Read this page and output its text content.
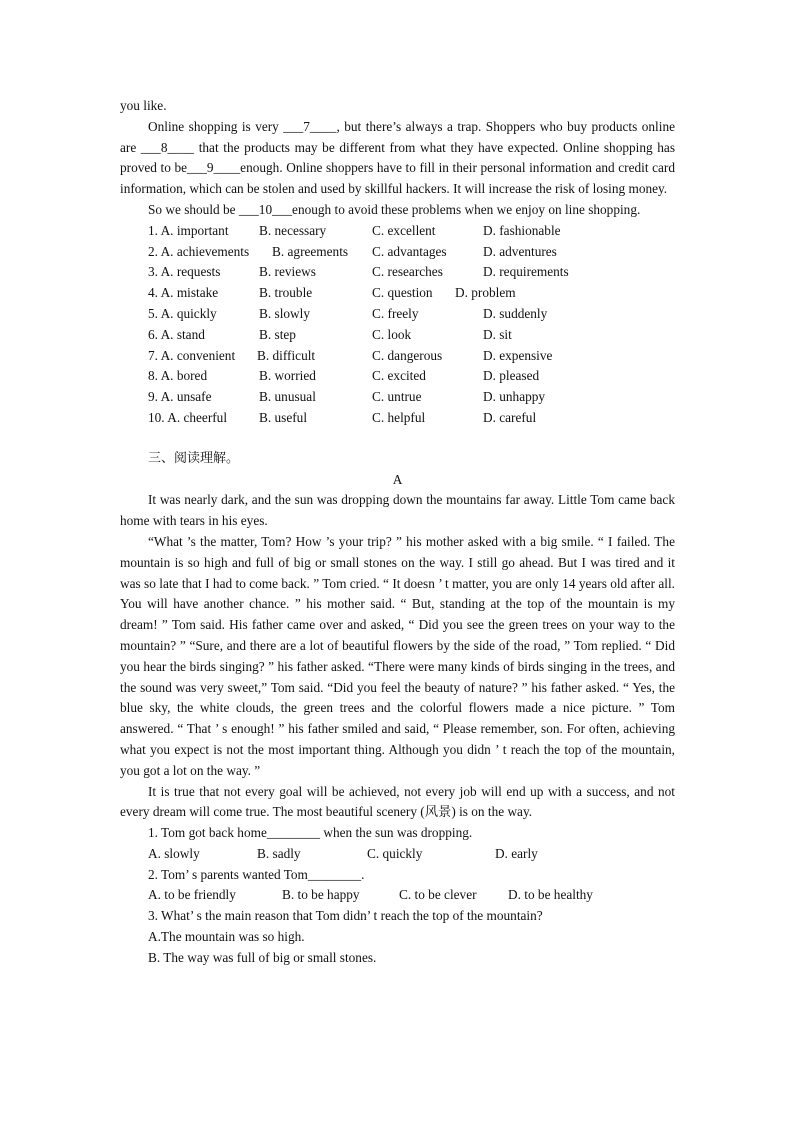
you like.

Online shopping is very ___7____, but there’s always a trap. Shoppers who buy products online are ___8____ that the products may be different from what they have expected. Online shopping has proved to be___9____enough. Online shoppers have to fill in their personal information and credit card information, which can be stolen and used by skillful hackers. It will increase the risk of losing money.

So we should be ___10___enough to avoid these problems when we enjoy on line shopping.

1. A. important B. necessary	C. excellent	D. fashionable
2. A. achievements B. agreements C. advantages	D. adventures
3. A. requests	B. reviews	C. researches	D. requirements
4. A. mistake	B. trouble	C. question D. problem
5. A. quickly	B. slowly	C. freely	D. suddenly
6. A. stand	B. step	C. look	D. sit
7. A. convenient B. difficult	C. dangerous	D. expensive
8. A. bored	B. worried	C. excited	D. pleased
9. A. unsafe	B. unusual	C. untrue	D. unhappy
10. A. cheerful B. useful	C. helpful	D. careful
三、阅读理解。
A

It was nearly dark, and the sun was dropping down the mountains far away. Little Tom came back home with tears in his eyes.

“What ’s the matter, Tom? How ’s your trip? ” his mother asked with a big smile. “ I failed. The mountain is so high and full of big or small stones on the way. I still go ahead. But I was tired and it was so late that I had to come back. ” Tom cried. “ It doesn ’ t matter, you are only 14 years old after all. You will have another chance. ” his mother said. “ But, standing at the top of the mountain is my dream! ” Tom said. His father came over and asked, “ Did you see the green trees on your way to the mountain? ” “Sure, and there are a lot of beautiful flowers by the side of the road, ” Tom replied. “ Did you hear the birds singing? ” his father asked. “There were many kinds of birds singing in the trees, and the sound was very sweet,” Tom said. “Did you feel the beauty of nature? ” his father asked. “ Yes, the blue sky, the white clouds, the green trees and the colorful flowers made a nice picture. ” Tom answered. “ That ’ s enough! ” his father smiled and said, “ Please remember, son. For often, achieving what you expect is not the most important thing. Although you didn ’ t reach the top of the mountain, you got a lot on the way. ”

It is true that not every goal will be achieved, not every job will end up with a success, and not every dream will come true. The most beautiful scenery (风景) is on the way.

1. Tom got back home________ when the sun was dropping.

A. slowly	B. sadly	C. quickly	D. early

2. Tom’ s parents wanted Tom________.

A. to be friendly	B. to be happy	C. to be clever D. to be healthy

3. What’ s the main reason that Tom didn’ t reach the top of the mountain?

A.The mountain was so high.

B. The way was full of big or small stones.
